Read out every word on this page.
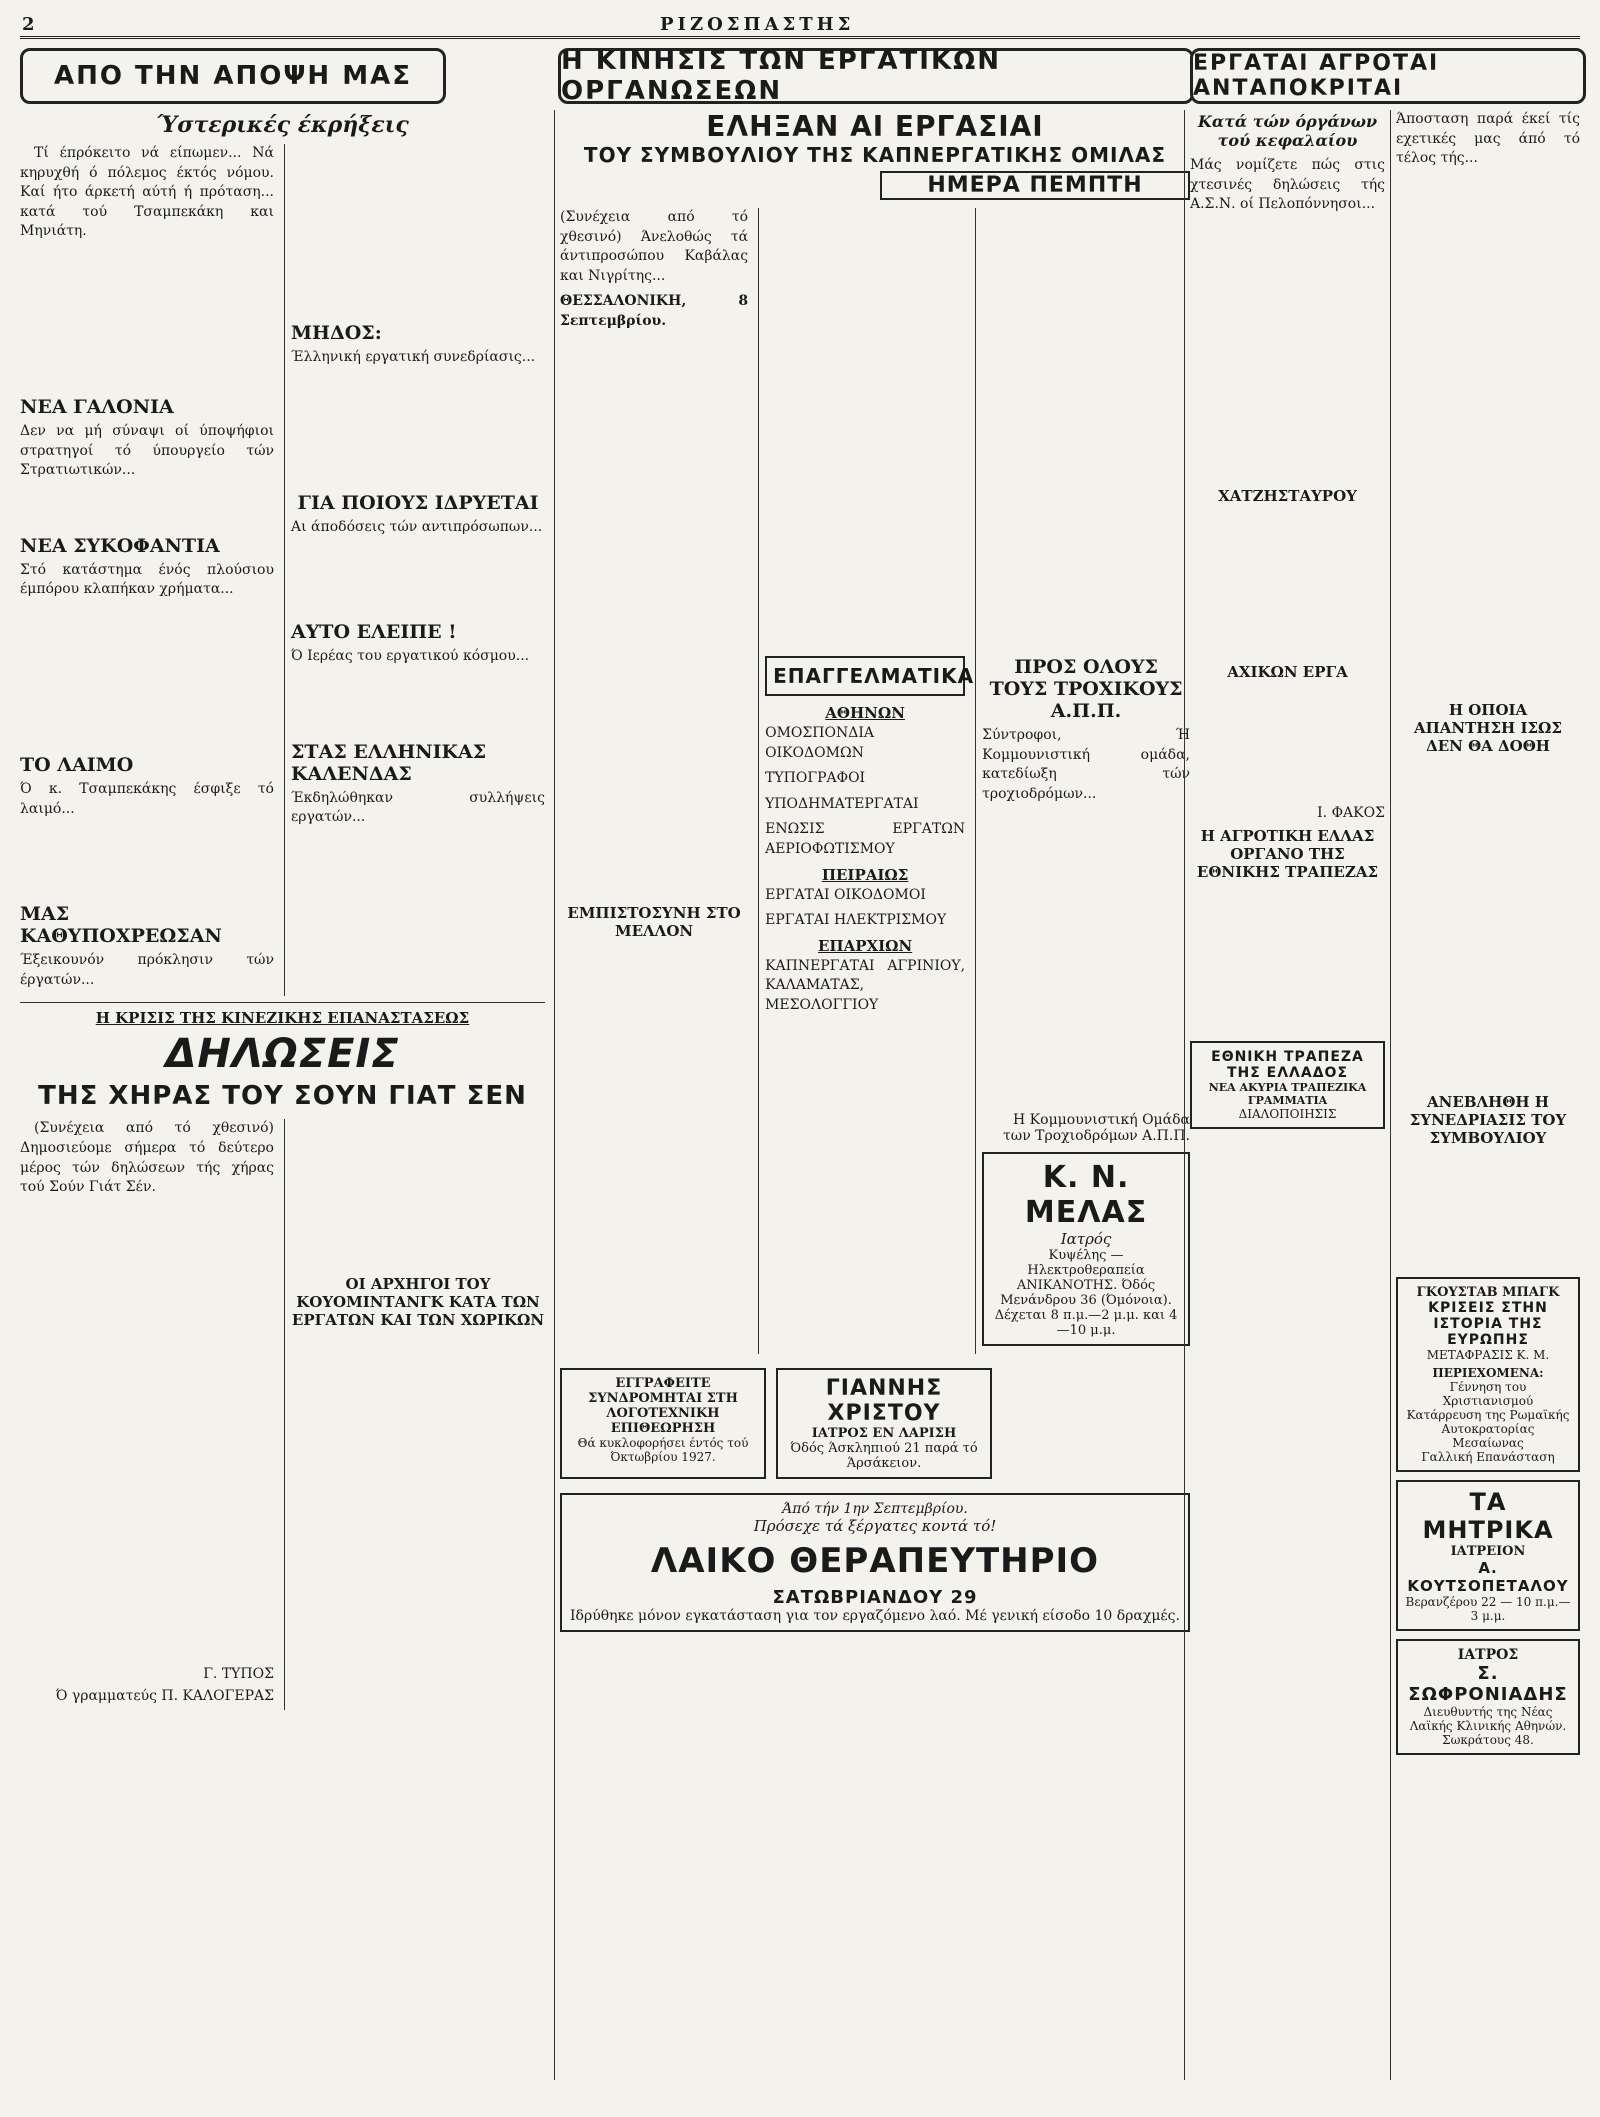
2	ΡΙΖΟΣΠΑΣΤΗΣ
ΑΠΟ ΤΗΝ ΑΠΟΨΗ ΜΑΣ	Η ΚΙΝΗΣΙΣ ΤΩΝ ΕΡΓΑΤΙΚΩΝ ΟΡΓΑΝΩΣΕΩΝ
ΕΡΓΑΤΑΙ ΑΓΡΟΤΑΙ ΑΝΤΑΠΟΚΡΙΤΑΙ
Ύστερικές έκρήξεις

Τί έπρόκειτο νά είπωμεν... Νά κηρυχθή ό πόλεμος έκτός νόμου. Καί ήτο άρκετή αύτή ή πρόταση... κατά τού Τσαμπεκάκη και Μηνιάτη.

ΝΕΑ ΓΑΛΟΝΙΑ

Δεν να μή σύναψι οί ύποψήφιοι στρατηγοί τό ύπουργείο τών Στρατιωτικών...

ΝΕΑ ΣΥΚΟΦΑΝΤΙΑ

Στό κατάστημα ένός πλούσιου έμπόρου κλαπήκαν χρήματα...

ΤΟ ΛΑΙΜΟ

Ό κ. Τσαμπεκάκης έσφιξε τό λαιμό...

ΜΑΣ ΚΑΘΥΠΟΧΡΕΩΣΑΝ

Έξεικουνόν πρόκλησιν τών έργατών...

ΜΗΔΟΣ:

Έλληνική εργατική συνεδρίασις...

ΓΙΑ ΠΟΙΟΥΣ ΙΔΡΥΕΤΑΙ

Αι άποδόσεις τών αντιπρόσωπων...

ΑΥΤΟ ΕΛΕΙΠΕ !

Ό Ιερέας του εργατικού κόσμου...

ΣΤΑΣ ΕΛΛΗΝΙΚΑΣ ΚΑΛΕΝΔΑΣ

Έκδηλώθηκαν συλλήψεις εργατών...

Η ΚΡΙΣΙΣ ΤΗΣ ΚΙΝΕΖΙΚΗΣ ΕΠΑΝΑΣΤΑΣΕΩΣ
ΔΗΛΩΣΕΙΣ
ΤΗΣ ΧΗΡΑΣ ΤΟΥ ΣΟΥΝ ΓΙΑΤ ΣΕΝ

(Συνέχεια από τό χθεσινό) Δημοσιεύομε σήμερα τό δεύτερο μέρος τών δηλώσεων τής χήρας τού Σούν Γιάτ Σέν.

Γ. ΤΥΠΟΣ
Ό γραμματεύς Π. ΚΑΛΟΓΕΡΑΣ
ΟΙ ΑΡΧΗΓΟΙ ΤΟΥ ΚΟΥΟΜΙΝΤΑΝΓΚ ΚΑΤΑ ΤΩΝ ΕΡΓΑΤΩΝ ΚΑΙ ΤΩΝ ΧΩΡΙΚΩΝ
ΕΛΗΞΑΝ ΑΙ ΕΡΓΑΣΙΑΙ
ΤΟΥ ΣΥΜΒΟΥΛΙΟΥ ΤΗΣ ΚΑΠΝΕΡΓΑΤΙΚΗΣ ΟΜΙΛΑΣ
ΗΜΕΡΑ ΠΕΜΠΤΗ

(Συνέχεια από τό χθεσινό) Άνελοθώς τά άντιπροσώπου Καβάλας και Νιγρίτης...

ΘΕΣΣΑΛΟΝΙΚΗ, 8 Σεπτεμβρίου.

ΕΜΠΙΣΤΟΣΥΝΗ ΣΤΟ ΜΕΛΛΟΝ
ΕΠΑΓΓΕΛΜΑΤΙΚΑ
ΑΘΗΝΩΝ

ΟΜΟΣΠΟΝΔΙΑ ΟΙΚΟΔΟΜΩΝ

ΤΥΠΟΓΡΑΦΟΙ

ΥΠΟΔΗΜΑΤΕΡΓΑΤΑΙ

ΕΝΩΣΙΣ ΕΡΓΑΤΩΝ ΑΕΡΙΟΦΩΤΙΣΜΟΥ

ΠΕΙΡΑΙΩΣ

ΕΡΓΑΤΑΙ ΟΙΚΟΔΟΜΟΙ

ΕΡΓΑΤΑΙ ΗΛΕΚΤΡΙΣΜΟΥ

ΕΠΑΡΧΙΩΝ

ΚΑΠΝΕΡΓΑΤΑΙ ΑΓΡΙΝΙΟΥ, ΚΑΛΑΜΑΤΑΣ, ΜΕΣΟΛΟΓΓΙΟΥ

ΠΡΟΣ ΟΛΟΥΣ ΤΟΥΣ ΤΡΟΧΙΚΟΥΣ Α.Π.Π.

Σύντροφοι, Ή Κομμουνιστική ομάδα, κατεδίωξη τών τροχιοδρόμων...

Η Κομμουνιστική Ομάδα των Τροχιοδρόμων Α.Π.Π.
Κ. Ν. ΜΕΛΑΣ
Ιατρός
Κυψέλης — Ηλεκτροθεραπεία ΑΝΙΚΑΝΟΤΗΣ. Όδός Μενάνδρου 36 (Όμόνοια). Δέχεται 8 π.μ.—2 μ.μ. και 4—10 μ.μ.
ΕΓΓΡΑΦΕΙΤΕ ΣΥΝΔΡΟΜΗΤΑΙ ΣΤΗ ΛΟΓΟΤΕΧΝΙΚΗ ΕΠΙΘΕΩΡΗΣΗ
Θά κυκλοφορήσει έντός τού Όκτωβρίου 1927.
ΓΙΑΝΝΗΣ ΧΡΙΣΤΟΥ
ΙΑΤΡΟΣ ΕΝ ΛΑΡΙΣΗ
Όδός Άσκληπιού 21 παρά τό Άρσάκειον.
Άπό τήν 1ην Σεπτεμβρίου.
Πρόσεχε τά ξέργατες κοντά τό!
ΛΑΙΚΟ ΘΕΡΑΠΕΥΤΗΡΙΟ
ΣΑΤΩΒΡΙΑΝΔΟΥ 29
Ιδρύθηκε μόνον εγκατάσταση για τον εργαζόμενο λαό. Μέ γενική είσοδο 10 δραχμές.
Κατά τών όργάνων τού κεφαλαίου

Μάς νομίζετε πώς στις χτεσινές δηλώσεις τής Α.Σ.Ν. οί Πελοπόννησοι...

ΧΑΤΖΗΣΤΑΥΡΟΥ
ΑΧΙΚΩΝ ΕΡΓΑ
Ι. ΦΑΚΟΣ
Η ΑΓΡΟΤΙΚΗ ΕΛΛΑΣ ΟΡΓΑΝΟ ΤΗΣ ΕΘΝΙΚΗΣ ΤΡΑΠΕΖΑΣ
ΕΘΝΙΚΗ ΤΡΑΠΕΖΑ ΤΗΣ ΕΛΛΑΔΟΣ
ΝΕΑ ΑΚΥΡΙΑ ΤΡΑΠΕΖΙΚΑ ΓΡΑΜΜΑΤΙΑ
ΔΙΑΛΟΠΟΙΗΣΙΣ

Άποσταση παρά έκεί τίς εχετικές μας άπό τό τέλος τής...

Η ΟΠΟΙΑ ΑΠΑΝΤΗΣΗ ΙΣΩΣ ΔΕΝ ΘΑ ΔΟΘΗ
ΑΝΕΒΛΗΘΗ Η ΣΥΝΕΔΡΙΑΣΙΣ ΤΟΥ ΣΥΜΒΟΥΛΙΟΥ
ΓΚΟΥΣΤΑΒ ΜΠΑΓΚ
ΚΡΙΣΕΙΣ ΣΤΗΝ ΙΣΤΟΡΙΑ ΤΗΣ ΕΥΡΩΠΗΣ
ΜΕΤΑΦΡΑΣΙΣ Κ. Μ.
ΠΕΡΙΕΧΟΜΕΝΑ:
Γέννηση του Χριστιανισμού
Κατάρρευση της Ρωμαϊκής Αυτοκρατορίας
Μεσαίωνας
Γαλλική Επανάσταση
ΤΑ ΜΗΤΡΙΚΑ
ΙΑΤΡΕΙΟΝ
Α. ΚΟΥΤΣΟΠΕΤΑΛΟΥ
Βερανζέρου 22 — 10 π.μ.—3 μ.μ.
ΙΑΤΡΟΣ
Σ. ΣΩΦΡΟΝΙΑΔΗΣ
Διευθυντής της Νέας Λαϊκής Κλινικής Αθηνών. Σωκράτους 48.
